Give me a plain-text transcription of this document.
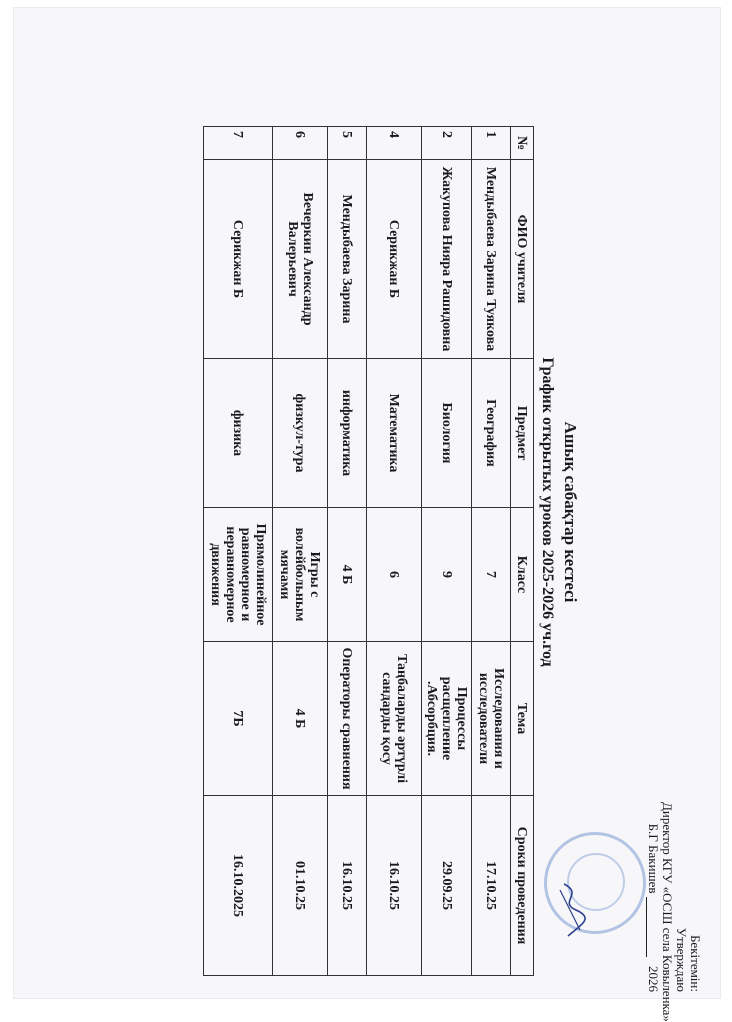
Бекітемін:
Утверждаю
Директор КГУ «ОСШ села Ковыленка»
Б.Г Бакишев  2026
Ашық сабақтар кестесі
График открытых уроков 2025-2026 уч.год
№	ФИО учителя	Предмет	Класс	Тема	Сроки проведения
1	Мендыбаева Зарина Туякова	География	7	Исследования и исследователи	17.10.25
2	Жакупова Нияра Рашидовна	Биология	9	Процессы расщепление .Абсорбция.	29.09.25
4	Серикжан Б	Математика	6	Таңбаларды әртүрлі сандарды қосу	16.10.25
5	Мендыбаева Зарина	информатика	4 Б	Операторы сравнения	16.10.25
6	Вечеркин Александр Валерьевич	физкул-тура	Игры с волейбольным мячами	4 Б	01.10.25
7	Серикжан Б	физика	Прямолинейное равномерное и неравномерное движения	7Б	16.10.2025
